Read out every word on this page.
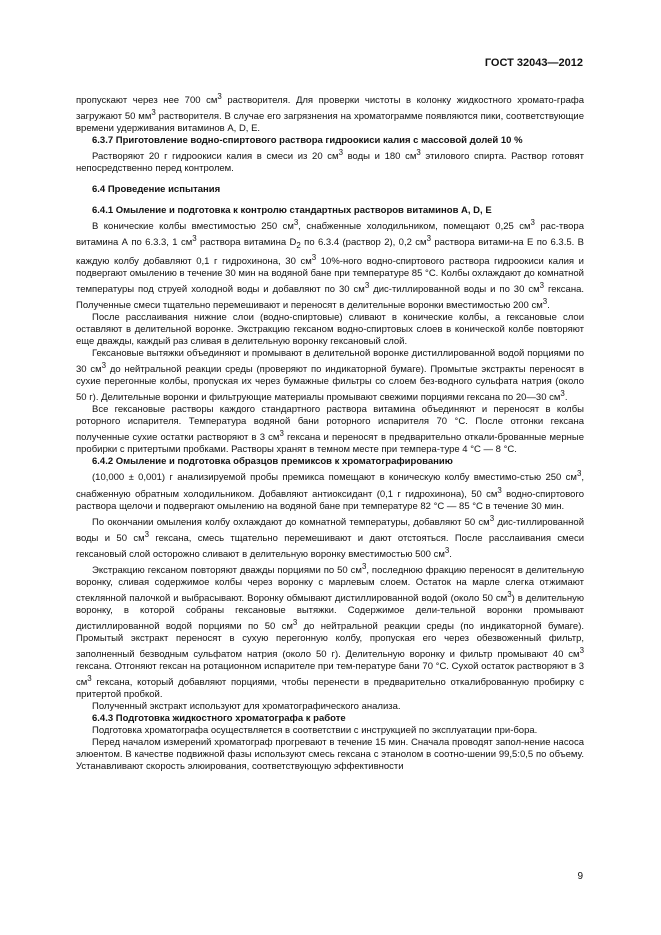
ГОСТ 32043—2012

пропускают через нее 700 $см^3$ растворителя. Для проверки чистоты в колонку жидкостного хромато-графа загружают 50 $мм^3$ растворителя. В случае его загрязнения на хроматограмме появляются пики, соответствующие времени удерживания витаминов А, D, Е.

6.3.7 Приготовление водно-спиртового раствора гидроокиси калия с массовой долей 10 %

Растворяют 20 г гидроокиси калия в смеси из 20 $см^3$ воды и 180 $см^3$ этилового спирта. Раствор готовят непосредственно перед контролем.

6.4 Проведение испытания

6.4.1 Омыление и подготовка к контролю стандартных растворов витаминов А, D, Е

В конические колбы вместимостью 250 $см^3$, снабженные холодильником, помещают 0,25 $см^3$ рас-твора витамина А по 6.3.3, 1 $см^3$ раствора витамина $D_2$ по 6.3.4 (раствор 2), 0,2 $см^3$ раствора витами-на Е по 6.3.5. В каждую колбу добавляют 0,1 г гидрохинона, 30 $см^3$ 10%-ного водно-спиртового раствора гидроокиси калия и подвергают омылению в течение 30 мин на водяной бане при температуре 85 °С. Колбы охлаждают до комнатной температуры под струей холодной воды и добавляют по 30 $см^3$ дис-тиллированной воды и по 30 $см^3$ гексана. Полученные смеси тщательно перемешивают и переносят в делительные воронки вместимостью 200 $см^3$.

После расслаивания нижние слои (водно-спиртовые) сливают в конические колбы, а гексановые слои оставляют в делительной воронке. Экстракцию гексаном водно-спиртовых слоев в конической колбе повторяют еще дважды, каждый раз сливая в делительную воронку гексановый слой.

Гексановые вытяжки объединяют и промывают в делительной воронке дистиллированной водой порциями по 30 $см^3$ до нейтральной реакции среды (проверяют по индикаторной бумаге). Промытые экстракты переносят в сухие перегонные колбы, пропуская их через бумажные фильтры со слоем без-водного сульфата натрия (около 50 г). Делительные воронки и фильтрующие материалы промывают свежими порциями гексана по 20—30 $см^3$.

Все гексановые растворы каждого стандартного раствора витамина объединяют и переносят в колбы роторного испарителя. Температура водяной бани роторного испарителя 70 °С. После отгонки гексана полученные сухие остатки растворяют в 3 $см^3$ гексана и переносят в предварительно откали-брованные мерные пробирки с притертыми пробками. Растворы хранят в темном месте при темпера-туре 4 °С — 8 °С.

6.4.2 Омыление и подготовка образцов премиксов к хроматографированию

(10,000 ± 0,001) г анализируемой пробы премикса помещают в коническую колбу вместимо-стью 250 $см^3$, снабженную обратным холодильником. Добавляют антиоксидант (0,1 г гидрохинона), 50 $см^3$ водно-спиртового раствора щелочи и подвергают омылению на водяной бане при температуре 82 °С — 85 °С в течение 30 мин.

По окончании омыления колбу охлаждают до комнатной температуры, добавляют 50 $см^3$ дис-тиллированной воды и 50 $см^3$ гексана, смесь тщательно перемешивают и дают отстояться. После расслаивания смеси гексановый слой осторожно сливают в делительную воронку вместимостью 500 $см^3$.

Экстракцию гексаном повторяют дважды порциями по 50 $см^3$, последнюю фракцию переносят в делительную воронку, сливая содержимое колбы через воронку с марлевым слоем. Остаток на марле слегка отжимают стеклянной палочкой и выбрасывают. Воронку обмывают дистиллированной водой (около 50 $см^3$) в делительную воронку, в которой собраны гексановые вытяжки. Содержимое дели-тельной воронки промывают дистиллированной водой порциями по 50 $см^3$ до нейтральной реакции среды (по индикаторной бумаге). Промытый экстракт переносят в сухую перегонную колбу, пропуская его через обезвоженный фильтр, заполненный безводным сульфатом натрия (около 50 г). Делительную воронку и фильтр промывают 40 $см^3$ гексана. Отгоняют гексан на ротационном испарителе при тем-пературе бани 70 °С. Сухой остаток растворяют в 3 $см^3$ гексана, который добавляют порциями, чтобы перенести в предварительно откалиброванную пробирку с притертой пробкой.

Полученный экстракт используют для хроматографического анализа.

6.4.3 Подготовка жидкостного хроматографа к работе

Подготовка хроматографа осуществляется в соответствии с инструкцией по эксплуатации при-бора.

Перед началом измерений хроматограф прогревают в течение 15 мин. Сначала проводят запол-нение насоса элюентом. В качестве подвижной фазы используют смесь гексана с этанолом в соотно-шении 99,5:0,5 по объему. Устанавливают скорость элюирования, соответствующую эффективности

9
